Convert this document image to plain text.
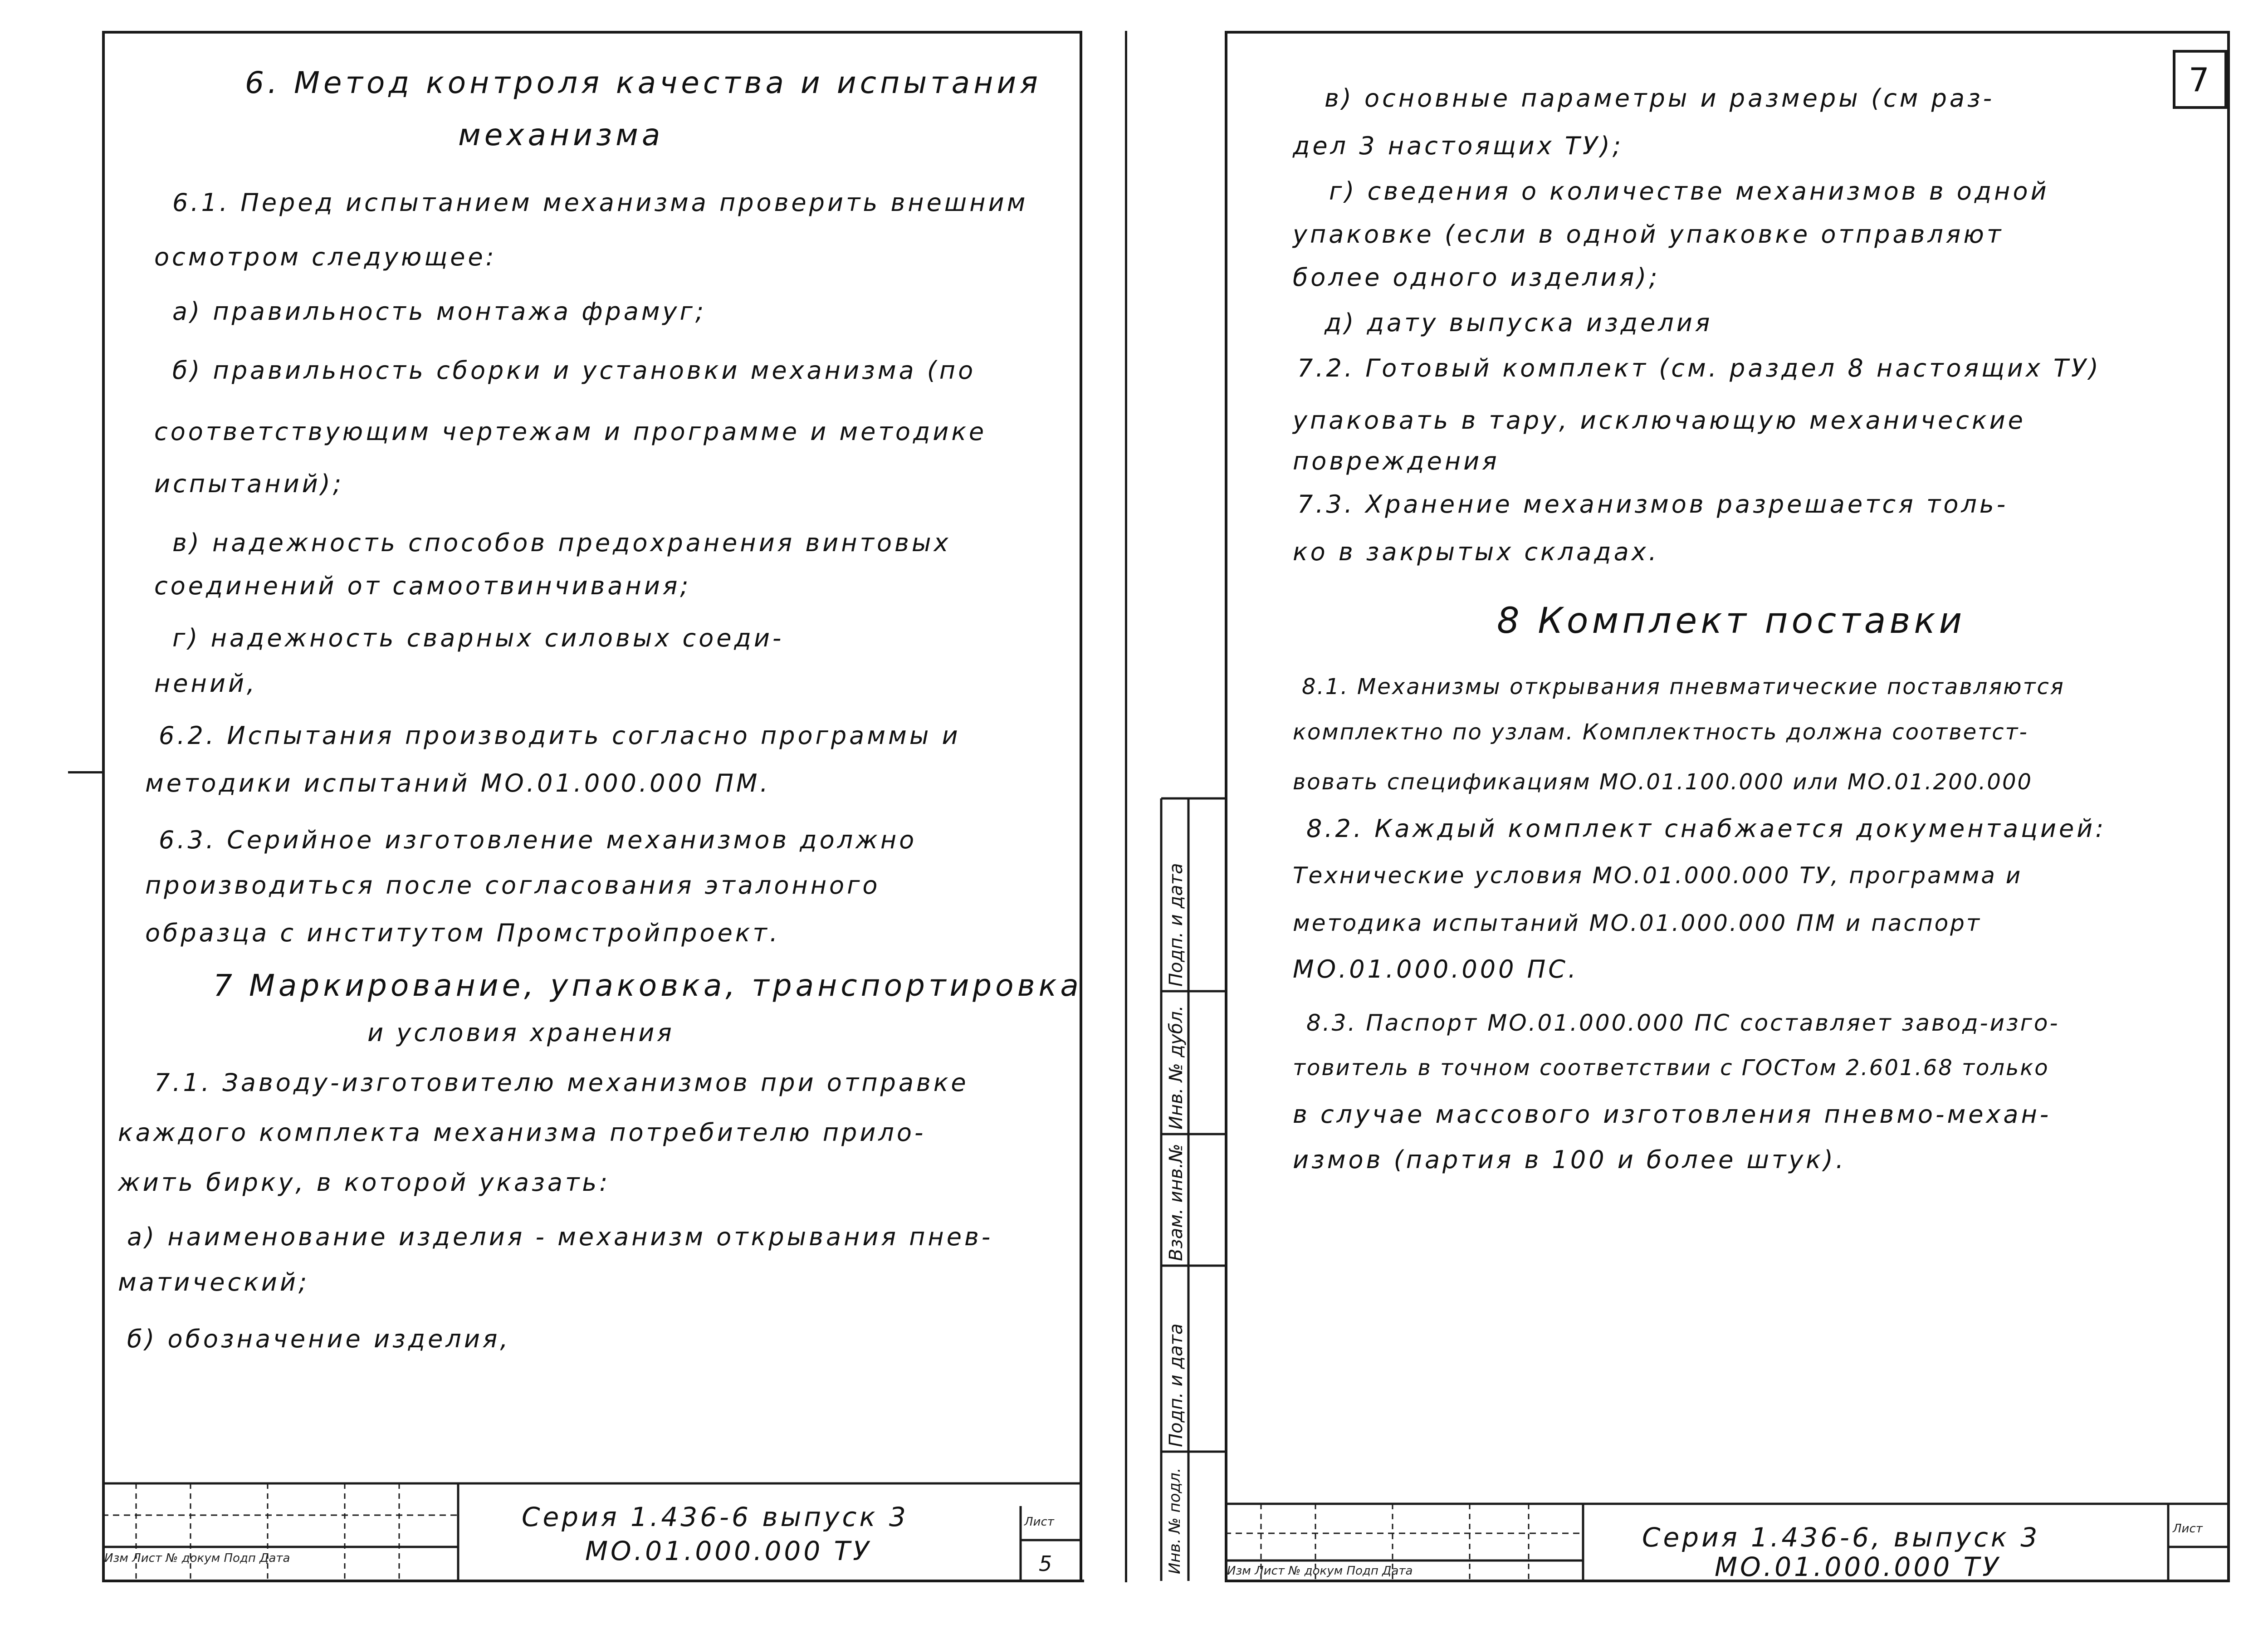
6. Метод контроля качества и испытания
механизма
6.1. Перед испытанием механизма проверить внешним
осмотром следующее:
а) правильность монтажа фрамуг;
б) правильность сборки и установки механизма (по
соответствующим чертежам и программе и методике
испытаний);
в) надежность способов предохранения винтовых
соединений от самоотвинчивания;
г) надежность сварных силовых соеди-
нений,
6.2. Испытания производить согласно программы и
методики испытаний МО.01.000.000 ПМ.
6.3. Серийное изготовление механизмов должно
производиться после согласования эталонного
образца с институтом Промстройпроект.
7 Маркирование, упаковка, транспортировка
и условия хранения
7.1. Заводу-изготовителю механизмов при отправке
каждого комплекта механизма потребителю прило-
жить бирку, в которой указать:
а) наименование изделия - механизм открывания пнев-
матический;
б) обозначение изделия,
7
в) основные параметры и размеры (см раз-
дел 3 настоящих ТУ);
г) сведения о количестве механизмов в одной
упаковке (если в одной упаковке отправляют
более одного изделия);
д) дату выпуска изделия
7.2. Готовый комплект (см. раздел 8 настоящих ТУ)
упаковать в тару, исключающую механические
повреждения
7.3. Хранение механизмов разрешается толь-
ко в закрытых складах.
8 Комплект поставки
8.1. Механизмы открывания пневматические поставляются
комплектно по узлам. Комплектность должна соответст-
вовать спецификациям МО.01.100.000 или МО.01.200.000
8.2. Каждый комплект снабжается документацией:
Технические условия МО.01.000.000 ТУ, программа и
методика испытаний МО.01.000.000 ПМ и паспорт
МО.01.000.000 ПС.
8.3. Паспорт МО.01.000.000 ПС составляет завод-изго-
товитель в точном соответствии с ГОСТом 2.601.68 только
в случае массового изготовления пневмо-механ-
измов (партия в 100 и более штук).
Серия 1.436-6 выпуск 3
МО.01.000.000 ТУ
Лист
5
Изм Лист № докум Подп Дата
Серия 1.436-6, выпуск 3
МО.01.000.000 ТУ
Лист
Изм Лист № докум Подп Дата
Подп. и дата
Инв. № дубл.
Взам. инв.№
Подп. и дата
Инв. № подл.
